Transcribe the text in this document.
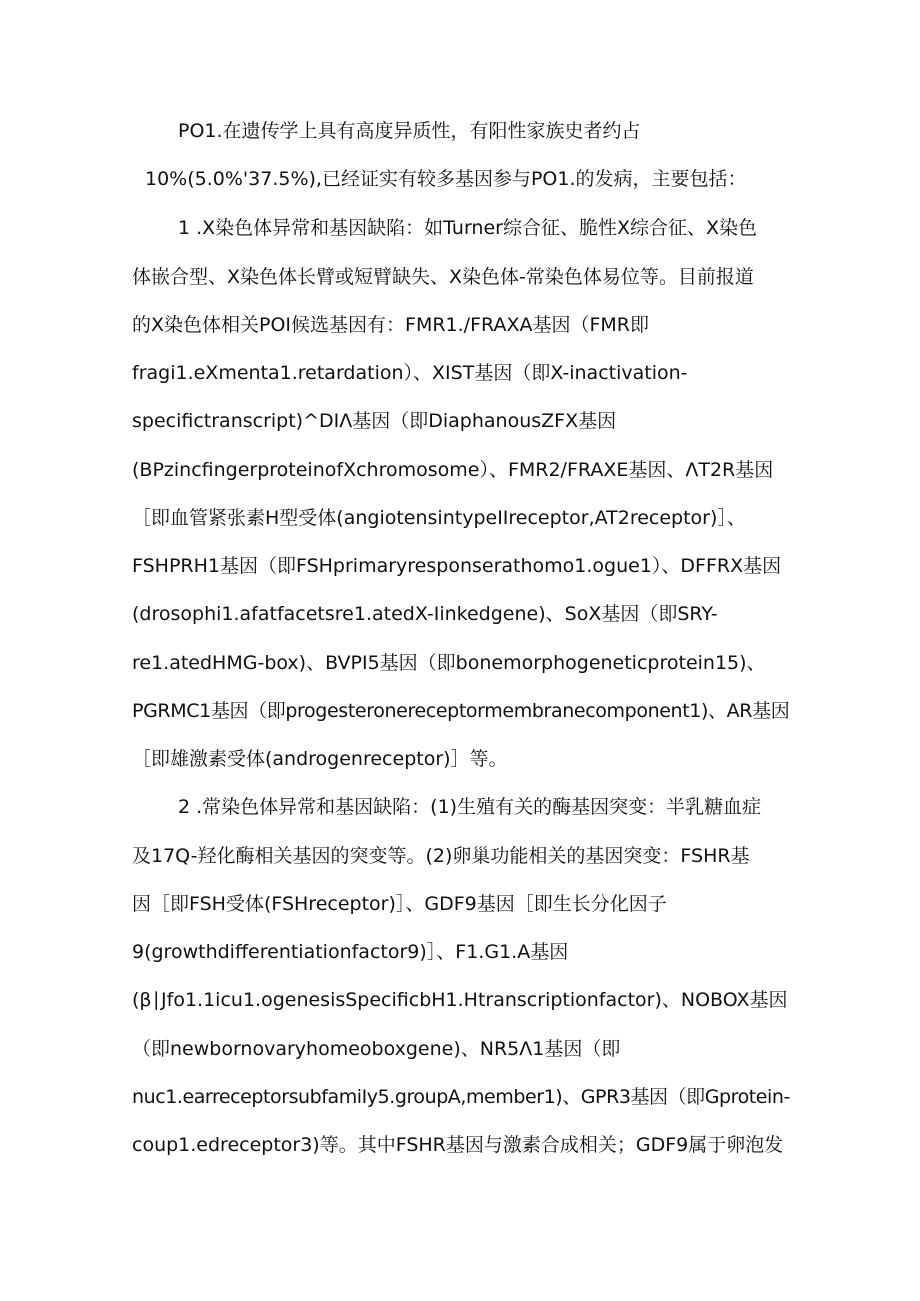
PO1.在遗传学上具有高度异质性，有阳性家族史者约占
10%(5.0%'37.5%),已经证实有较多基因参与PO1.的发病，主要包括：
1 .X染色体异常和基因缺陷：如Turner综合征、脆性X综合征、X染色
体嵌合型、X染色体长臂或短臂缺失、X染色体-常染色体易位等。目前报道
的X染色体相关POI候选基因有：FMR1./FRAXA基因（FMR即
fragi1.eXmenta1.retardation）、XIST基因（即X-inactivation-
specifictranscript)^DIΛ基因（即DiaphanousZFX基因
(BPzincfingerproteinofXchromosome）、FMR2∕FRAXE基因、ΛT2R基因
［即血管紧张素H型受体(angiotensintypeIIreceptor,AT2receptor)］、
FSHPRH1基因（即FSHprimaryresponserathomo1.ogue1）、DFFRX基因
(drosophi1.afatfacetsre1.atedX-Iinkedgene)、SoX基因（即SRY-
re1.atedHMG-box)、BVPI5基因（即bonemorphogeneticprotein15)、
PGRMC1基因（即progesteronereceptormembranecomponent1)、AR基因
［即雄激素受体(androgenreceptor)］等。
2 .常染色体异常和基因缺陷：(1)生殖有关的酶基因突变：半乳糖血症
及17Q-羟化酶相关基因的突变等。(2)卵巢功能相关的基因突变：FSHR基
因［即FSH受体(FSHreceptor)］、GDF9基因［即生长分化因子
9(growthdifferentiationfactor9)］、F1.G1.A基因
(β∣Jfo1.1icu1.ogenesisSpecificbH1.Htranscriptionfactor)、NOBOX基因
（即newbornovaryhomeoboxgene)、NR5Λ1基因（即
nuc1.earreceptorsubfamiIy5.groupA,member1)、GPR3基因（即Gprotein-
coup1.edreceptor3)等。其中FSHR基因与激素合成相关；GDF9属于卵泡发
